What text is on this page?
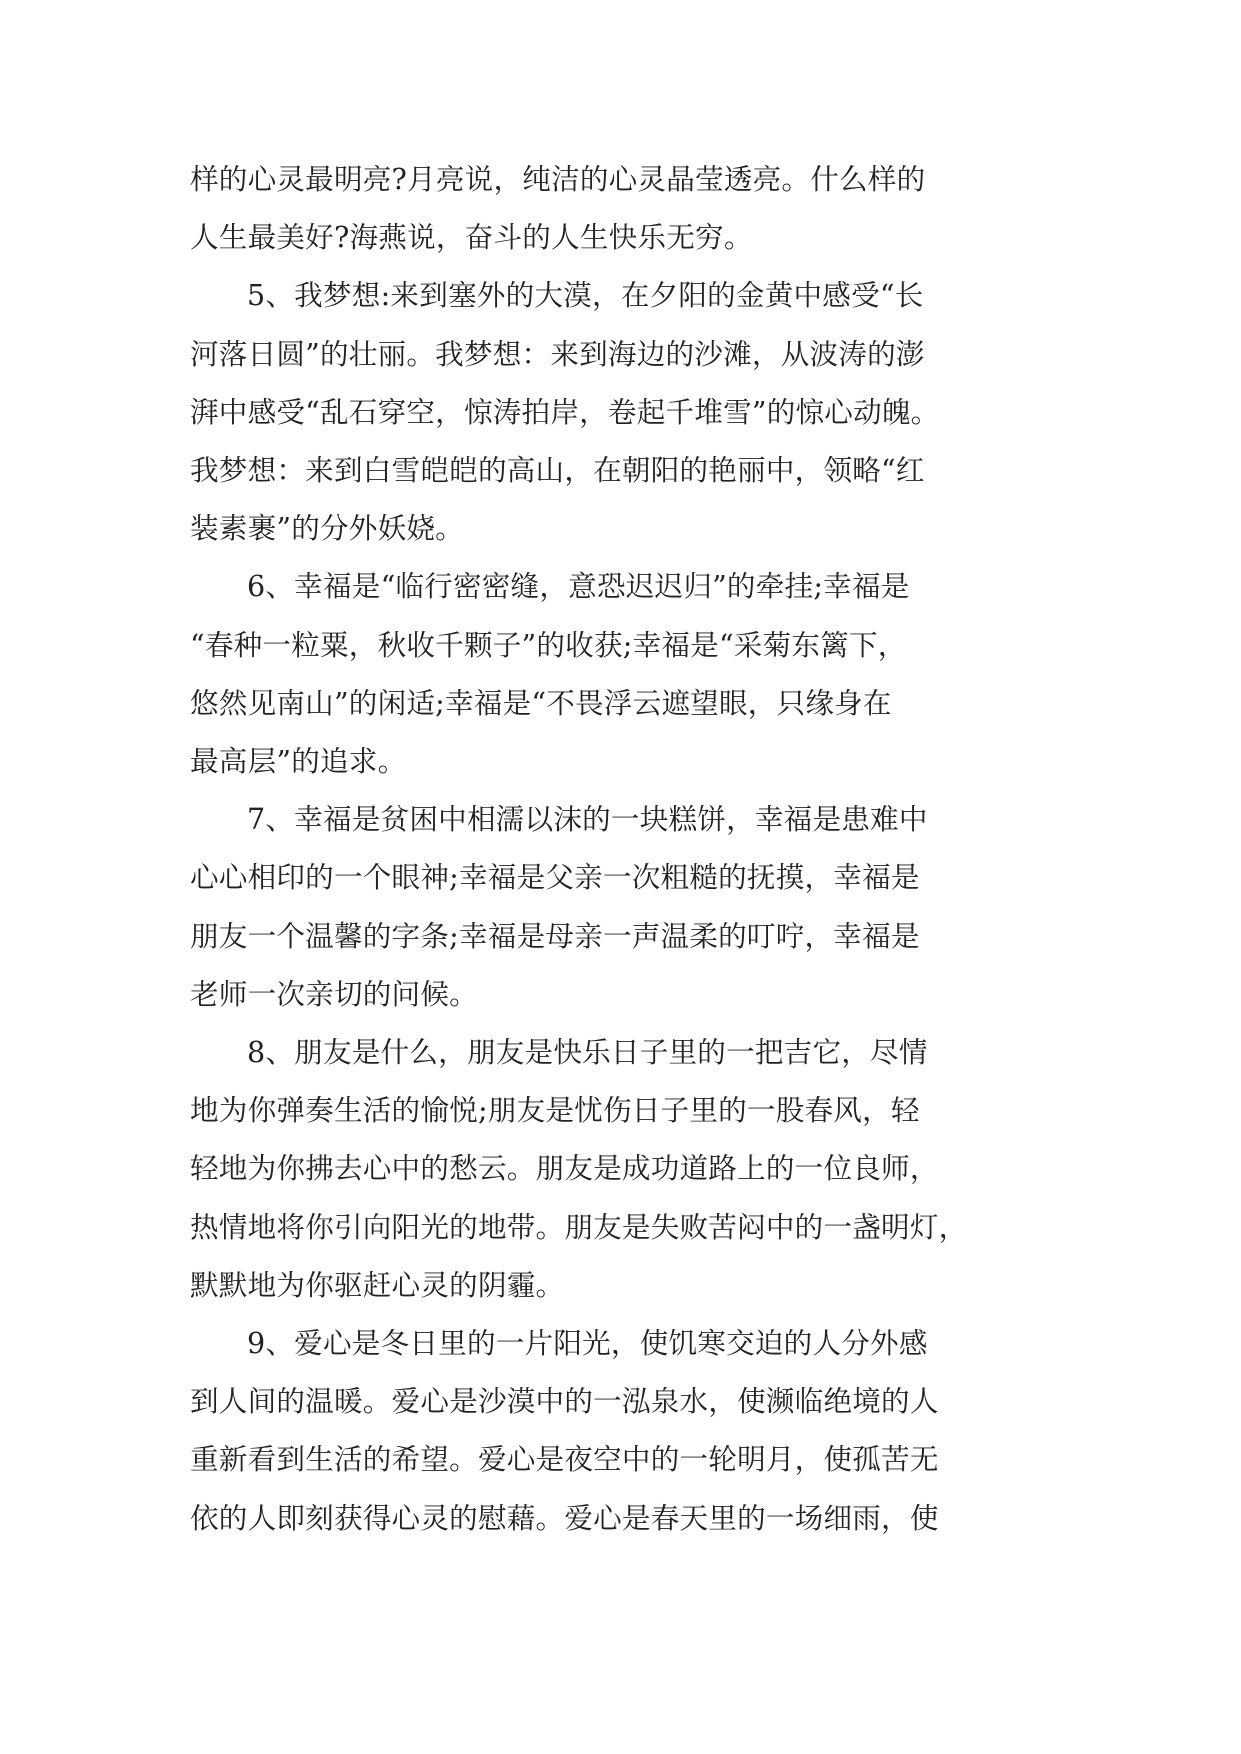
样的心灵最明亮?月亮说，纯洁的心灵晶莹透亮。什么样的
人生最美好?海燕说，奋斗的人生快乐无穷。
5、我梦想:来到塞外的大漠，在夕阳的金黄中感受“长
河落日圆”的壮丽。我梦想：来到海边的沙滩，从波涛的澎
湃中感受“乱石穿空，惊涛拍岸，卷起千堆雪”的惊心动魄。
我梦想：来到白雪皑皑的高山，在朝阳的艳丽中，领略“红
装素裹”的分外妖娆。
6、幸福是“临行密密缝，意恐迟迟归”的牵挂;幸福是
“春种一粒粟，秋收千颗子”的收获;幸福是“采菊东篱下，
悠然见南山”的闲适;幸福是“不畏浮云遮望眼，只缘身在
最高层”的追求。
7、幸福是贫困中相濡以沫的一块糕饼，幸福是患难中
心心相印的一个眼神;幸福是父亲一次粗糙的抚摸，幸福是
朋友一个温馨的字条;幸福是母亲一声温柔的叮咛，幸福是
老师一次亲切的问候。
8、朋友是什么，朋友是快乐日子里的一把吉它，尽情
地为你弹奏生活的愉悦;朋友是忧伤日子里的一股春风，轻
轻地为你拂去心中的愁云。朋友是成功道路上的一位良师，
热情地将你引向阳光的地带。朋友是失败苦闷中的一盏明灯，
默默地为你驱赶心灵的阴霾。
9、爱心是冬日里的一片阳光，使饥寒交迫的人分外感
到人间的温暖。爱心是沙漠中的一泓泉水，使濒临绝境的人
重新看到生活的希望。爱心是夜空中的一轮明月，使孤苦无
依的人即刻获得心灵的慰藉。爱心是春天里的一场细雨，使
